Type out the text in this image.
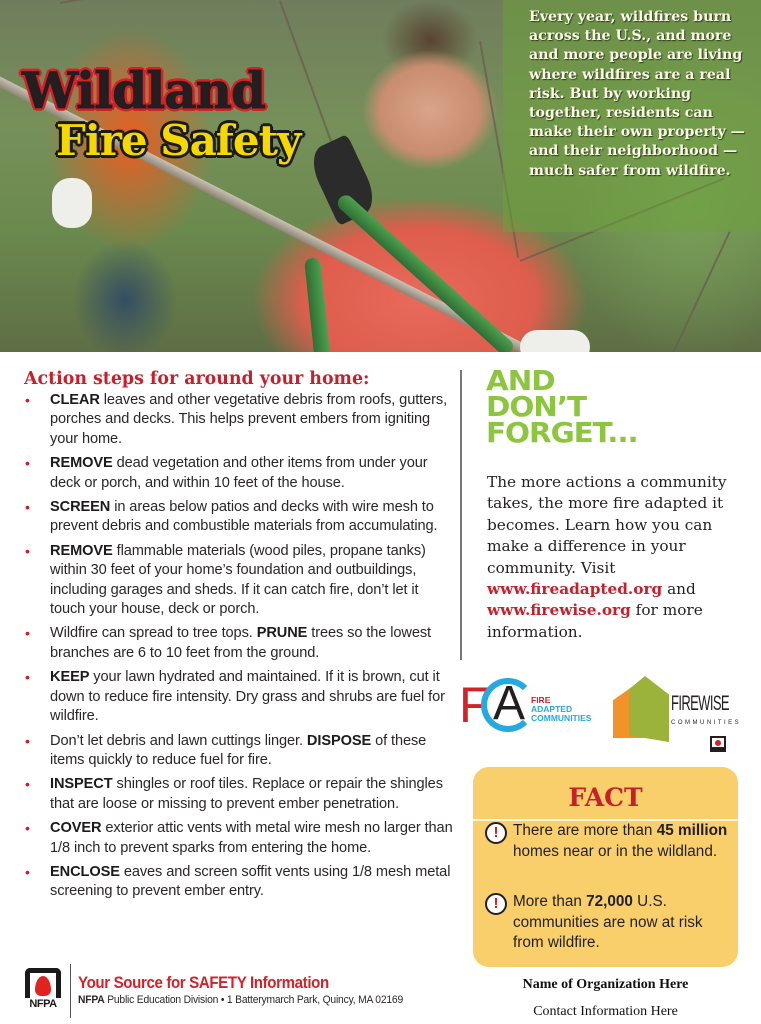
Wildland
Fire Safety

Every year, wildfires burn across the U.S., and more and more people are living where wildfires are a real risk. But by working together, residents can make their own property — and their neighborhood — much safer from wildfire.

Action steps for around your home:
• CLEAR leaves and other vegetative debris from roofs, gutters, porches and decks. This helps prevent embers from igniting your home.
• REMOVE dead vegetation and other items from under your deck or porch, and within 10 feet of the house.
• SCREEN in areas below patios and decks with wire mesh to prevent debris and combustible materials from accumulating.
• REMOVE flammable materials (wood piles, propane tanks) within 30 feet of your home’s foundation and outbuildings, including garages and sheds. If it can catch fire, don’t let it touch your house, deck or porch.
• Wildfire can spread to tree tops. PRUNE trees so the lowest branches are 6 to 10 feet from the ground.
• KEEP your lawn hydrated and maintained. If it is brown, cut it down to reduce fire intensity. Dry grass and shrubs are fuel for wildfire.
• Don’t let debris and lawn cuttings linger. DISPOSE of these items quickly to reduce fuel for fire.
• INSPECT shingles or roof tiles. Replace or repair the shingles that are loose or missing to prevent ember penetration.
• COVER exterior attic vents with metal wire mesh no larger than 1/8 inch to prevent sparks from entering the home.
• ENCLOSE eaves and screen soffit vents using 1/8 mesh metal screening to prevent ember entry.
NFPA
Your Source for SAFETY Information
NFPA Public Education Division • 1 Batterymarch Park, Quincy, MA 02169
AND
DON’T
FORGET...

The more actions a community takes, the more fire adapted it becomes. Learn how you can make a difference in your community. Visit www.fireadapted.org and www.firewise.org for more information.

F A FIRE
ADAPTED
COMMUNITIES
FIREWISE
COMMUNITIES
FACT
! There are more than 45 million homes near or in the wildland.
! More than 72,000 U.S. communities are now at risk from wildfire.
Name of Organization Here
Contact Information Here
